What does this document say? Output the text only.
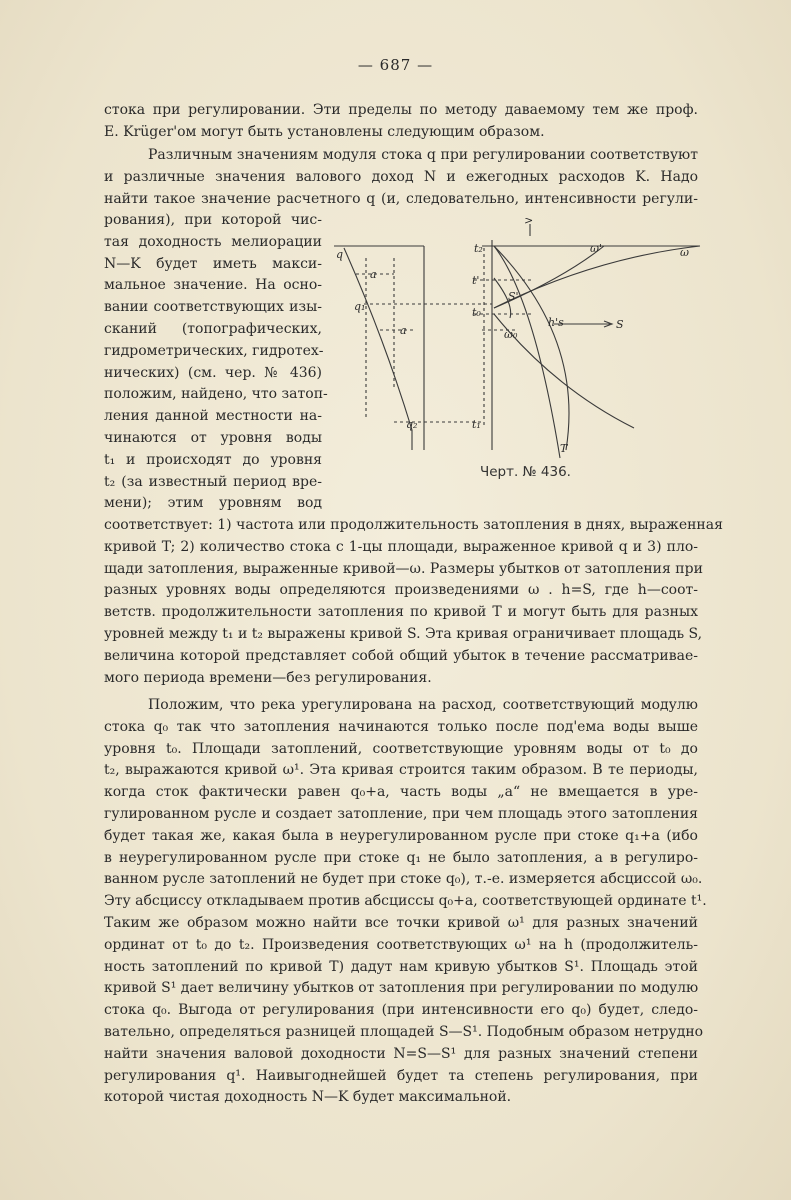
— 687 —
стока при регулировании. Эти пределы по методу даваемому тем же проф.
E. Krüger'ом могут быть установлены следующим образом.
Различным значениям модуля стока q при регулировании соответствуют
и различные значения валового доход N и ежегодных расходов K. Надо
найти такое значение расчетного q (и, следовательно, интенсивности регули-
рования), при которой чис-
тая доходность мелиорации
N—K будет иметь макси-
мальное значение. На осно-
вании соответствующих изы-
сканий (топографических,
гидрометрических, гидротех-
нических) (см. чер. № 436)
положим, найдено, что затоп-
ления данной местности на-
чинаются от уровня воды
t₁ и происходят до уровня
t₂ (за известный период вре-
мени); этим уровням вод
соответствует: 1) частота или продолжительность затопления в днях, выраженная
кривой T; 2) количество стока с 1-цы площади, выраженное кривой q и 3) пло-
щади затопления, выраженные кривой—ω. Размеры убытков от затопления при
разных уровнях воды определяются произведениями ω . h=S, где h—соот-
ветств. продолжительности затопления по кривой T и могут быть для разных
уровней между t₁ и t₂ выражены кривой S. Эта кривая ограничивает площадь S,
величина которой представляет собой общий убыток в течение рассматривае-
мого периода времени—без регулирования.
Положим, что река урегулирована на расход, соответствующий модулю
стока q₀ так что затопления начинаются только после под'ема воды выше
уровня t₀. Площади затоплений, соответствующие уровням воды от t₀ до
t₂, выражаются кривой ω¹. Эта кривая строится таким образом. В те периоды,
когда сток фактически равен q₀+a, часть воды „a“ не вмещается в уре-
гулированном русле и создает затопление, при чем площадь этого затопления
будет такая же, какая была в неурегулированном русле при стоке q₁+a (ибо
в неурегулированном русле при стоке q₁ не было затопления, а в регулиро-
ванном русле затоплений не будет при стоке q₀), т.-е. измеряется абсциссой ω₀.
Эту абсциссу откладываем против абсциссы q₀+a, соответствующей ординате t¹.
Таким же образом можно найти все точки кривой ω¹ для разных значений
ординат от t₀ до t₂. Произведения соответствующих ω¹ на h (продолжитель-
ность затоплений по кривой T) дадут нам кривую убытков S¹. Площадь этой
кривой S¹ дает величину убытков от затопления при регулировании по модулю
стока q₀. Выгода от регулирования (при интенсивности его q₀) будет, следо-
вательно, определяться разницей площадей S—S¹. Подобным образом нетрудно
найти значения валовой доходности N=S—S¹ для разных значений степени
регулирования q¹. Наивыгоднейшей будет та степень регулирования, при
которой чистая доходность N—K будет максимальной.
q
a
q₁
a
q₂
t₂
t'
t₀
t₁
ω'	ω
S'
h's	S
ω₀
T
>
Черт. № 436.
